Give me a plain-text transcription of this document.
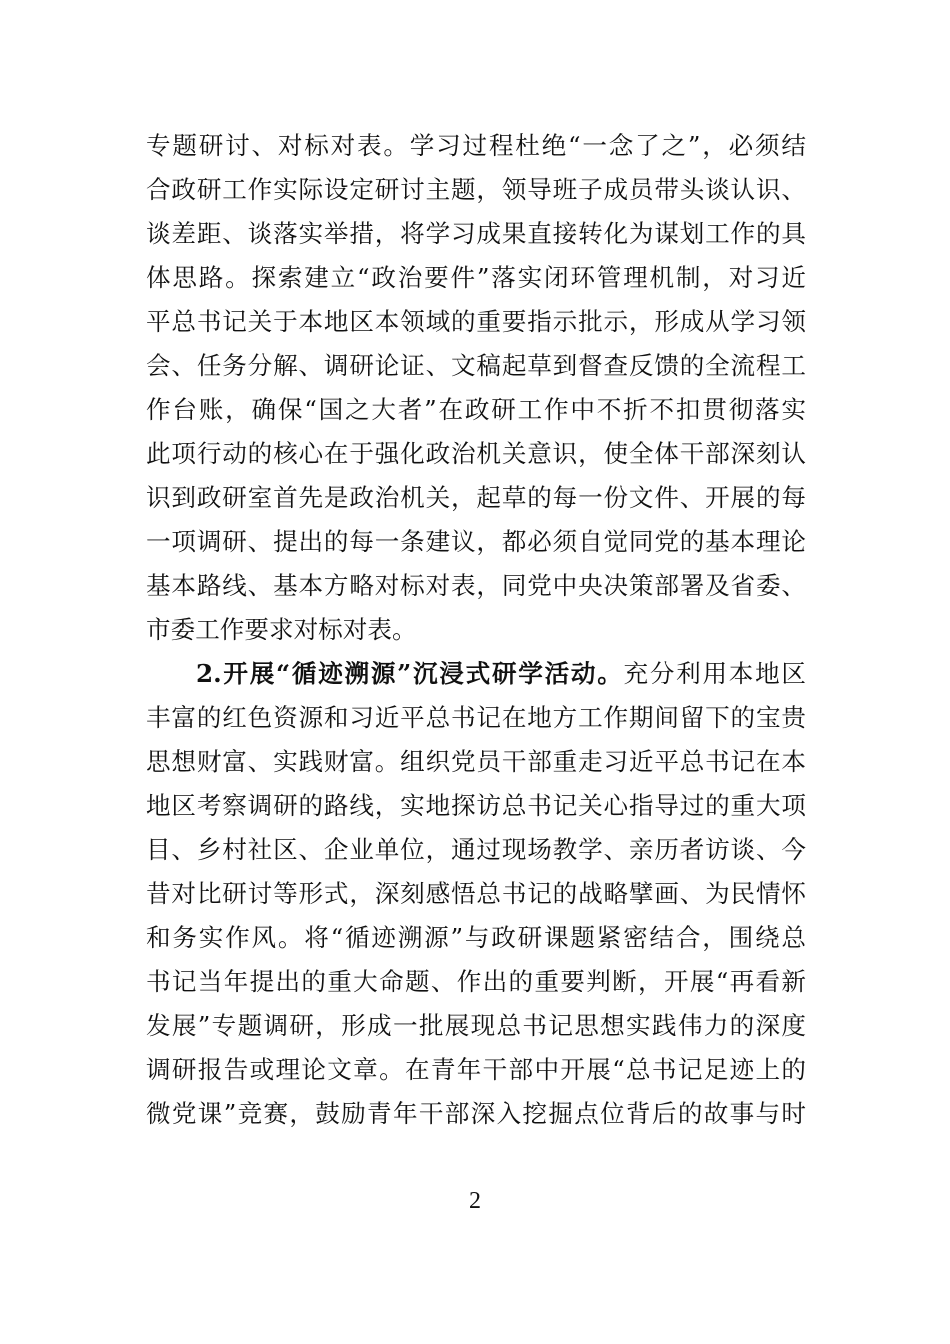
专题研讨、对标对表。学习过程杜绝“一念了之”，必须结
合政研工作实际设定研讨主题，领导班子成员带头谈认识、
谈差距、谈落实举措，将学习成果直接转化为谋划工作的具
体思路。探索建立“政治要件”落实闭环管理机制，对习近
平总书记关于本地区本领域的重要指示批示，形成从学习领
会、任务分解、调研论证、文稿起草到督查反馈的全流程工
作台账，确保“国之大者”在政研工作中不折不扣贯彻落实
此项行动的核心在于强化政治机关意识，使全体干部深刻认
识到政研室首先是政治机关，起草的每一份文件、开展的每
一项调研、提出的每一条建议，都必须自觉同党的基本理论
基本路线、基本方略对标对表，同党中央决策部署及省委、
市委工作要求对标对表。
2.开展“循迹溯源”沉浸式研学活动。充分利用本地区
丰富的红色资源和习近平总书记在地方工作期间留下的宝贵
思想财富、实践财富。组织党员干部重走习近平总书记在本
地区考察调研的路线，实地探访总书记关心指导过的重大项
目、乡村社区、企业单位，通过现场教学、亲历者访谈、今
昔对比研讨等形式，深刻感悟总书记的战略擘画、为民情怀
和务实作风。将“循迹溯源”与政研课题紧密结合，围绕总
书记当年提出的重大命题、作出的重要判断，开展“再看新
发展”专题调研，形成一批展现总书记思想实践伟力的深度
调研报告或理论文章。在青年干部中开展“总书记足迹上的
微党课”竞赛，鼓励青年干部深入挖掘点位背后的故事与时
2
